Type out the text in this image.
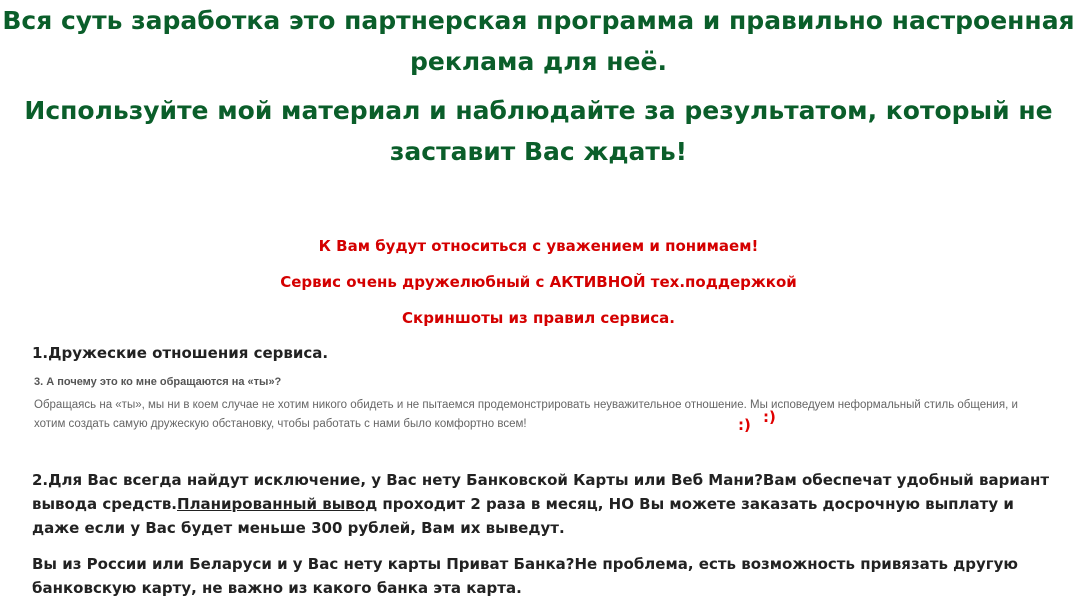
Вся суть заработка это партнерская программа и правильно настроенная реклама для неё.
Используйте мой материал и наблюдайте за результатом, который не заставит Вас ждать!

К Вам будут относиться с уважением и понимаем!

Сервис очень дружелюбный с АКТИВНОЙ тех.поддержкой

Скриншоты из правил сервиса.

1.Дружеские отношения сервиса.

3. А почему это ко мне обращаются на «ты»?

Обращаясь на «ты», мы ни в коем случае не хотим никого обидеть и не пытаемся продемонстрировать неуважительное отношение. Мы исповедуем неформальный стиль общения, и хотим создать самую дружескую обстановку, чтобы работать с нами было комфортно всем!	:) :)

2.Для Вас всегда найдут исключение, у Вас нету Банковской Карты или Веб Мани?Вам обеспечат удобный вариант вывода средств.Планированный вывод проходит 2 раза в месяц, НО Вы можете заказать досрочную выплату и даже если у Вас будет меньше 300 рублей, Вам их выведут.

Вы из России или Беларуси и у Вас нету карты Приват Банка?Не проблема, есть возможность привязать другую банковскую карту, не важно из какого банка эта карта.
